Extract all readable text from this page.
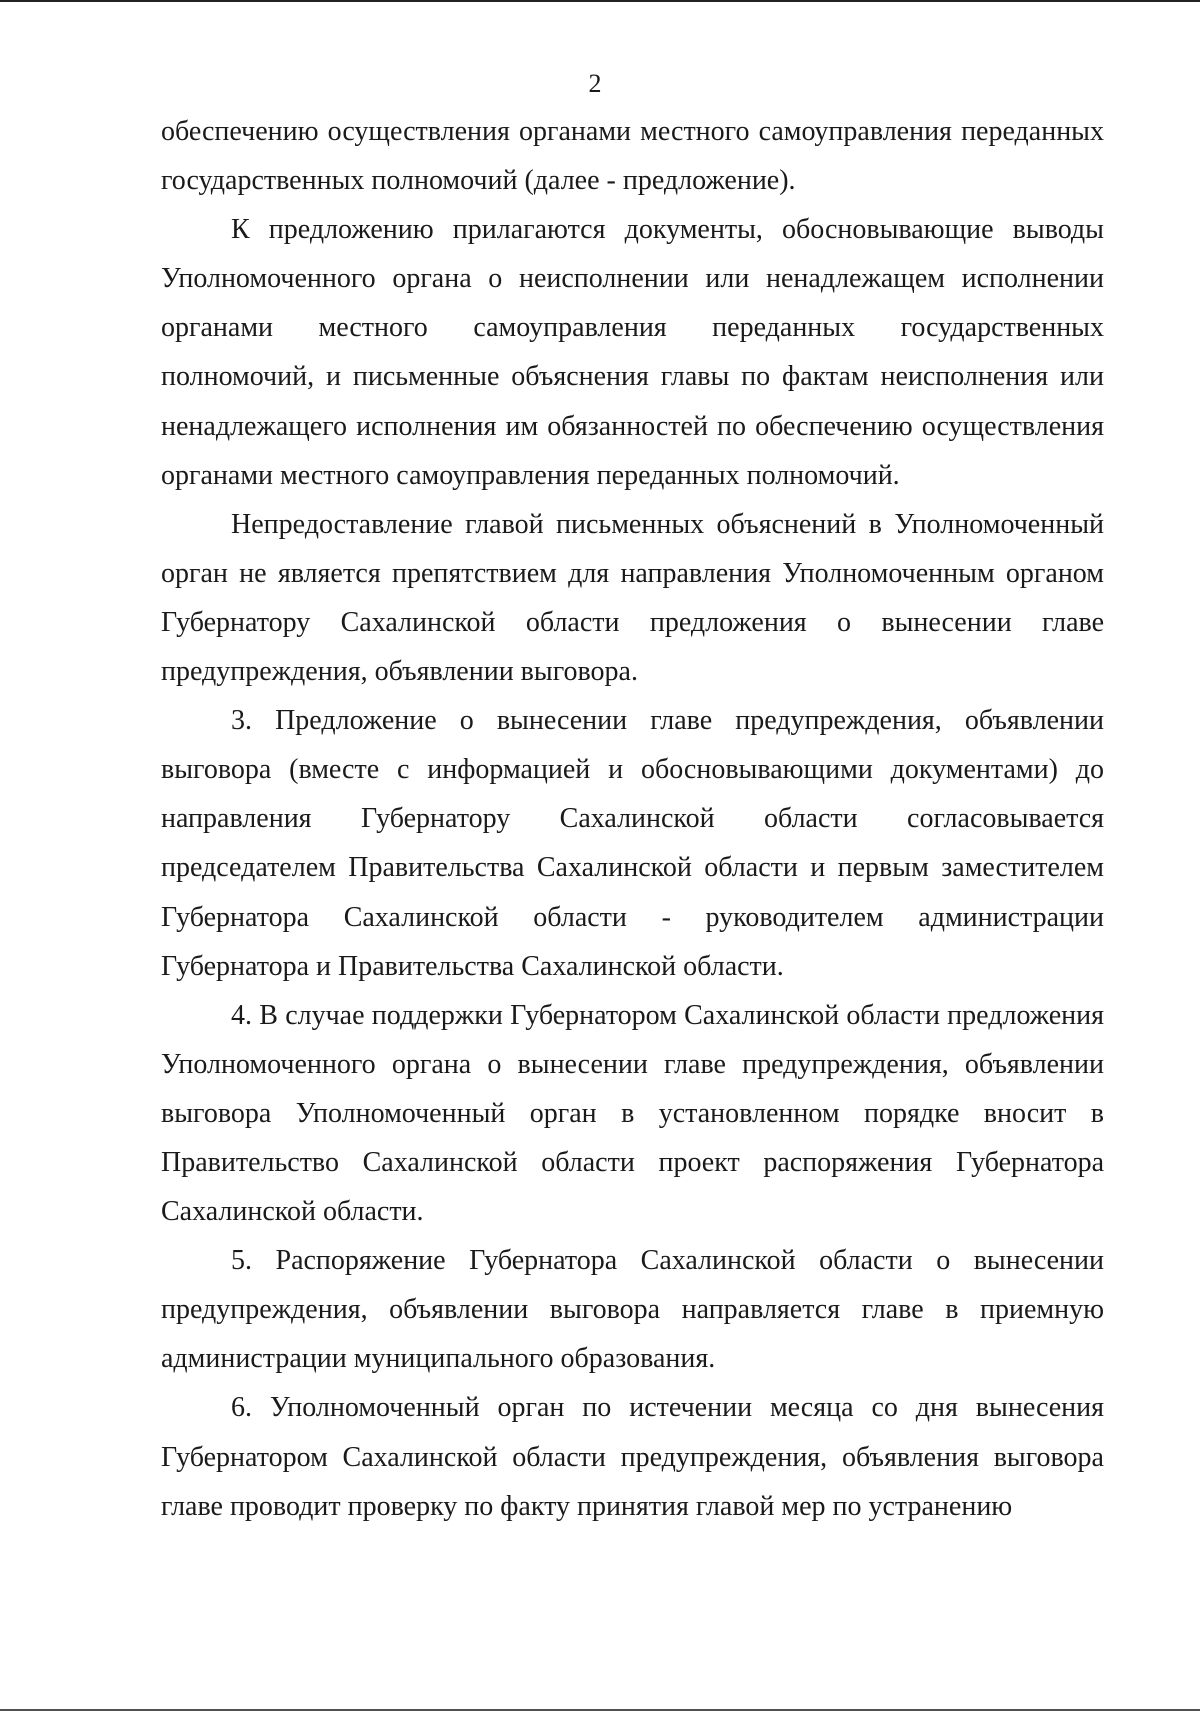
2

обеспечению осуществления органами местного самоуправления переданных государственных полномочий (далее - предложение).

К предложению прилагаются документы, обосновывающие выводы Уполномоченного органа о неисполнении или ненадлежащем исполнении органами местного самоуправления переданных государственных полномочий, и письменные объяснения главы по фактам неисполнения или ненадлежащего исполнения им обязанностей по обеспечению осуществления органами местного самоуправления переданных полномочий.

Непредоставление главой письменных объяснений в Уполномоченный орган не является препятствием для направления Уполномоченным органом Губернатору Сахалинской области предложения о вынесении главе предупреждения, объявлении выговора.

3. Предложение о вынесении главе предупреждения, объявлении выговора (вместе с информацией и обосновывающими документами) до направления Губернатору Сахалинской области согласовывается председателем Правительства Сахалинской области и первым заместителем Губернатора Сахалинской области - руководителем администрации Губернатора и Правительства Сахалинской области.

4. В случае поддержки Губернатором Сахалинской области предложения Уполномоченного органа о вынесении главе предупреждения, объявлении выговора Уполномоченный орган в установленном порядке вносит в Правительство Сахалинской области проект распоряжения Губернатора Сахалинской области.

5. Распоряжение Губернатора Сахалинской области о вынесении предупреждения, объявлении выговора направляется главе в приемную администрации муниципального образования.

6. Уполномоченный орган по истечении месяца со дня вынесения Губернатором Сахалинской области предупреждения, объявления выговора главе проводит проверку по факту принятия главой мер по устранению
